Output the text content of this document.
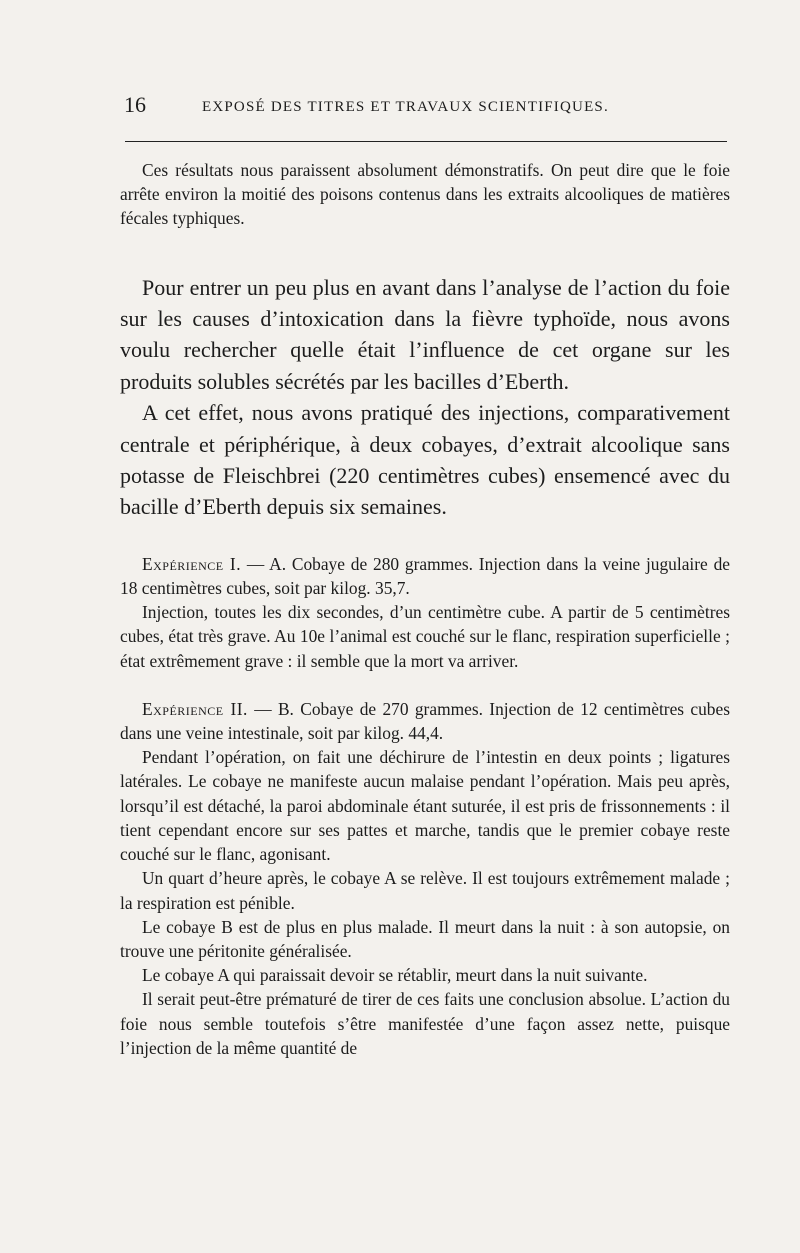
16	EXPOSÉ DES TITRES ET TRAVAUX SCIENTIFIQUES.

Ces résultats nous paraissent absolument démonstratifs. On peut dire que le foie arrête environ la moitié des poisons contenus dans les extraits alcooliques de matières fécales typhiques.

Pour entrer un peu plus en avant dans l’analyse de l’action du foie sur les causes d’intoxication dans la fièvre typhoïde, nous avons voulu rechercher quelle était l’influence de cet organe sur les produits solubles sécrétés par les bacilles d’Eberth.

A cet effet, nous avons pratiqué des injections, comparativement centrale et périphérique, à deux cobayes, d’extrait alcoolique sans potasse de Fleischbrei (220 centimètres cubes) ensemencé avec du bacille d’Eberth depuis six semaines.

Expérience I. — A. Cobaye de 280 grammes. Injection dans la veine jugulaire de 18 centimètres cubes, soit par kilog. 35,7.

Injection, toutes les dix secondes, d’un centimètre cube. A partir de 5 centimètres cubes, état très grave. Au 10e l’animal est couché sur le flanc, respiration superficielle ; état extrêmement grave : il semble que la mort va arriver.

Expérience II. — B. Cobaye de 270 grammes. Injection de 12 centimètres cubes dans une veine intestinale, soit par kilog. 44,4.

Pendant l’opération, on fait une déchirure de l’intestin en deux points ; ligatures latérales. Le cobaye ne manifeste aucun malaise pendant l’opération. Mais peu après, lorsqu’il est détaché, la paroi abdominale étant suturée, il est pris de frissonnements : il tient cependant encore sur ses pattes et marche, tandis que le premier cobaye reste couché sur le flanc, agonisant.

Un quart d’heure après, le cobaye A se relève. Il est toujours extrêmement malade ; la respiration est pénible.

Le cobaye B est de plus en plus malade. Il meurt dans la nuit : à son autopsie, on trouve une péritonite généralisée.

Le cobaye A qui paraissait devoir se rétablir, meurt dans la nuit suivante.

Il serait peut-être prématuré de tirer de ces faits une conclusion absolue. L’action du foie nous semble toutefois s’être manifestée d’une façon assez nette, puisque l’injection de la même quantité de
